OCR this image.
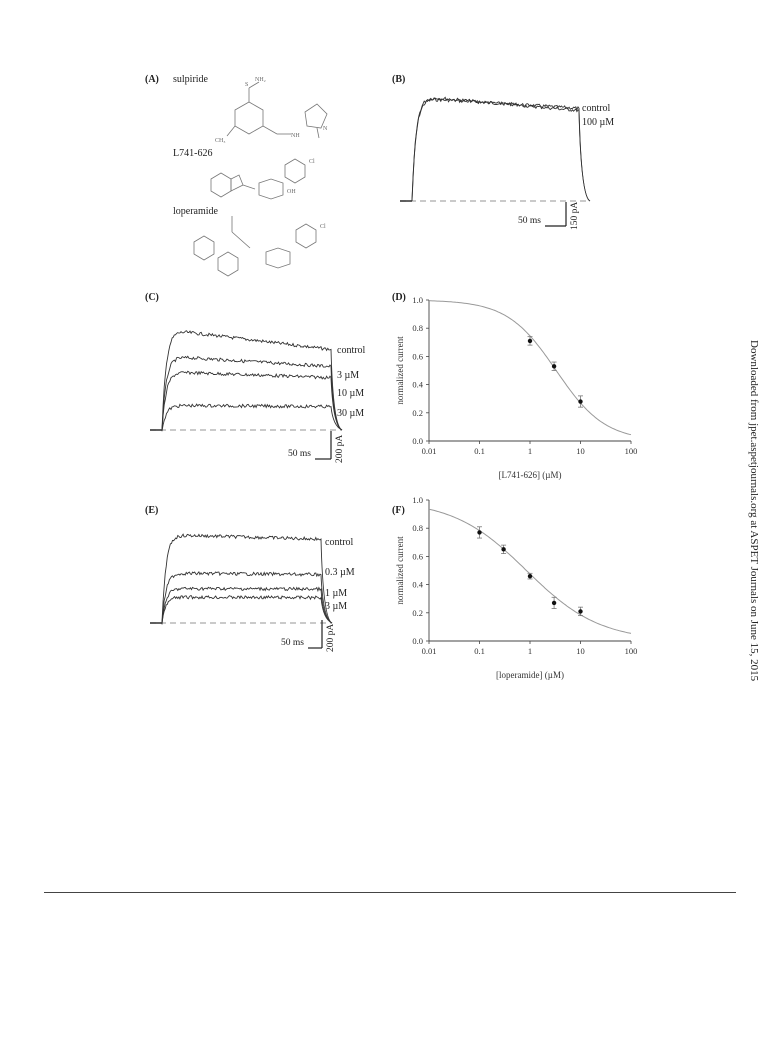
(A) sulpiride
L741-626
loperamide
NH₂
S
CH₃
NH
N
Cl
OH
Cl
(B)
control
100 µM
50 ms	150 pA
(C)
control
3 µM
10 µM
30 µM
50 ms	200 pA
(D)
0.0
0.2
0.4
0.6
0.8
1.0
0.01	0.1	1	10	100
[L741-626] (µM)
normalized current
(E)
control
0.3 µM
1 µM
3 µM
50 ms 200 pA
(F)
0.0
0.2
0.4
0.6
0.8
1.0
0.01	0.1	1	10	100
[loperamide] (µM)
normalized current	Downloaded from jpet.aspetjournals.org at ASPET Journals on June 15, 2015
